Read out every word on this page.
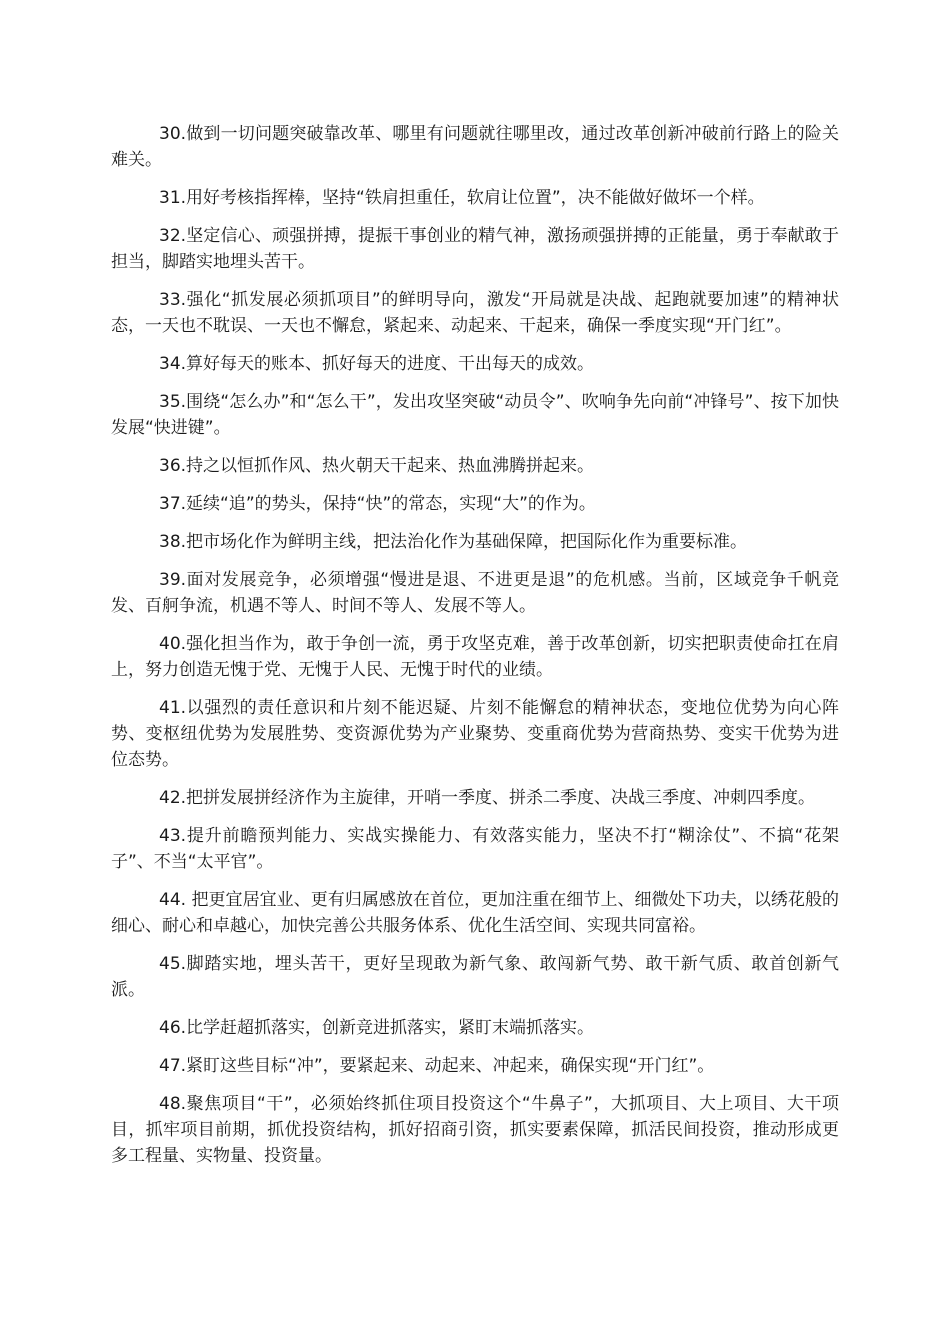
30.做到一切问题突破靠改革、哪里有问题就往哪里改，通过改革创新冲破前行路上的险关难关。

31.用好考核指挥棒，坚持“铁肩担重任，软肩让位置”，决不能做好做坏一个样。

32.坚定信心、顽强拼搏，提振干事创业的精气神，激扬顽强拼搏的正能量，勇于奉献敢于担当，脚踏实地埋头苦干。

33.强化“抓发展必须抓项目”的鲜明导向，激发“开局就是决战、起跑就要加速”的精神状态，一天也不耽误、一天也不懈怠，紧起来、动起来、干起来，确保一季度实现“开门红”。

34.算好每天的账本、抓好每天的进度、干出每天的成效。

35.围绕“怎么办”和“怎么干”，发出攻坚突破“动员令”、吹响争先向前“冲锋号”、按下加快发展“快进键”。

36.持之以恒抓作风、热火朝天干起来、热血沸腾拼起来。

37.延续“追”的势头，保持“快”的常态，实现“大”的作为。

38.把市场化作为鲜明主线，把法治化作为基础保障，把国际化作为重要标准。

39.面对发展竞争，必须增强“慢进是退、不进更是退”的危机感。当前，区域竞争千帆竞发、百舸争流，机遇不等人、时间不等人、发展不等人。

40.强化担当作为，敢于争创一流，勇于攻坚克难，善于改革创新，切实把职责使命扛在肩上，努力创造无愧于党、无愧于人民、无愧于时代的业绩。

41.以强烈的责任意识和片刻不能迟疑、片刻不能懈怠的精神状态，变地位优势为向心阵势、变枢纽优势为发展胜势、变资源优势为产业聚势、变重商优势为营商热势、变实干优势为进位态势。

42.把拼发展拼经济作为主旋律，开哨一季度、拼杀二季度、决战三季度、冲刺四季度。

43.提升前瞻预判能力、实战实操能力、有效落实能力，坚决不打“糊涂仗”、不搞“花架子”、不当“太平官”。

44. 把更宜居宜业、更有归属感放在首位，更加注重在细节上、细微处下功夫，以绣花般的细心、耐心和卓越心，加快完善公共服务体系、优化生活空间、实现共同富裕。

45.脚踏实地，埋头苦干，更好呈现敢为新气象、敢闯新气势、敢干新气质、敢首创新气派。

46.比学赶超抓落实，创新竞进抓落实，紧盯末端抓落实。

47.紧盯这些目标“冲”，要紧起来、动起来、冲起来，确保实现“开门红”。

48.聚焦项目“干”，必须始终抓住项目投资这个“牛鼻子”，大抓项目、大上项目、大干项目，抓牢项目前期，抓优投资结构，抓好招商引资，抓实要素保障，抓活民间投资，推动形成更多工程量、实物量、投资量。
